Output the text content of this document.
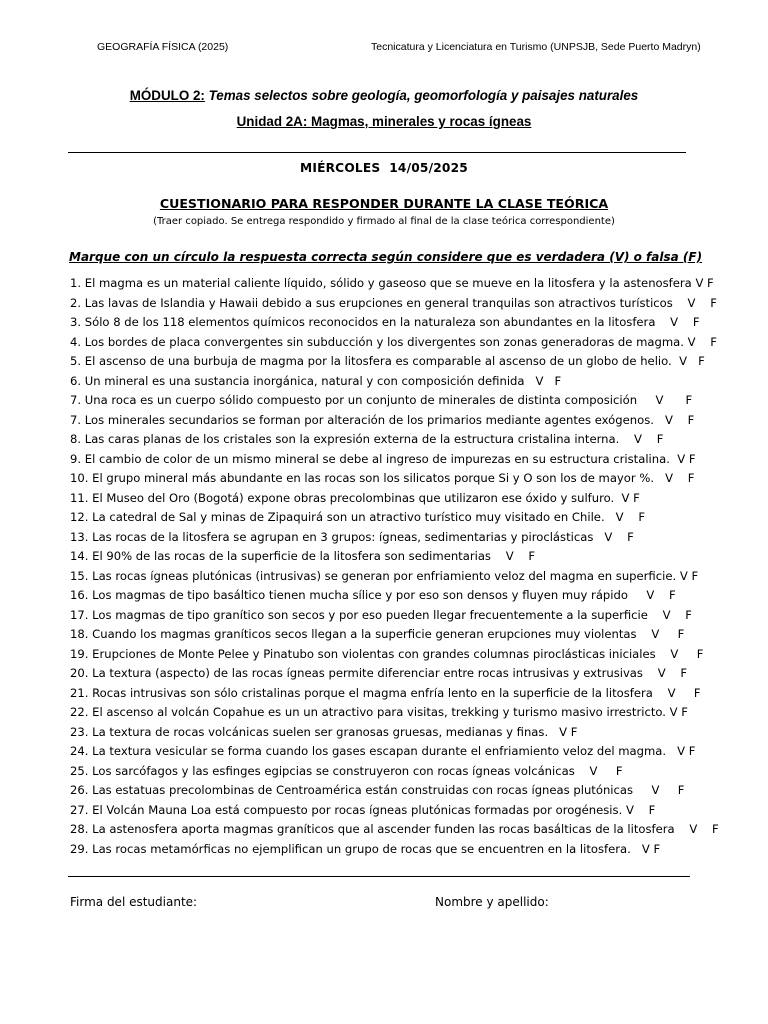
GEOGRAFÍA FÍSICA (2025)	Tecnicatura y Licenciatura en Turismo (UNPSJB, Sede Puerto Madryn)
MÓDULO 2: Temas selectos sobre geología, geomorfología y paisajes naturales
Unidad 2A: Magmas, minerales y rocas ígneas
MIÉRCOLES  14/05/2025
CUESTIONARIO PARA RESPONDER DURANTE LA CLASE TEÓRICA
(Traer copiado. Se entrega respondido y firmado al final de la clase teórica correspondiente)
Marque con un círculo la respuesta correcta según considere que es verdadera (V) o falsa (F)
1. El magma es un material caliente líquido, sólido y gaseoso que se mueve en la litosfera y la astenosfera V F
2. Las lavas de Islandia y Hawaii debido a sus erupciones en general tranquilas son atractivos turísticos    V    F
3. Sólo 8 de los 118 elementos químicos reconocidos en la naturaleza son abundantes en la litosfera    V    F
4. Los bordes de placa convergentes sin subducción y los divergentes son zonas generadoras de magma. V    F
5. El ascenso de una burbuja de magma por la litosfera es comparable al ascenso de un globo de helio.  V   F
6. Un mineral es una sustancia inorgánica, natural y con composición definida   V   F
7. Una roca es un cuerpo sólido compuesto por un conjunto de minerales de distinta composición     V      F
7. Los minerales secundarios se forman por alteración de los primarios mediante agentes exógenos.   V    F
8. Las caras planas de los cristales son la expresión externa de la estructura cristalina interna.    V    F
9. El cambio de color de un mismo mineral se debe al ingreso de impurezas en su estructura cristalina.  V F
10. El grupo mineral más abundante en las rocas son los silicatos porque Si y O son los de mayor %.   V    F
11. El Museo del Oro (Bogotá) expone obras precolombinas que utilizaron ese óxido y sulfuro.  V F
12. La catedral de Sal y minas de Zipaquirá son un atractivo turístico muy visitado en Chile.   V    F
13. Las rocas de la litosfera se agrupan en 3 grupos: ígneas, sedimentarias y piroclásticas   V    F
14. El 90% de las rocas de la superficie de la litosfera son sedimentarias    V    F
15. Las rocas ígneas plutónicas (intrusivas) se generan por enfriamiento veloz del magma en superficie. V F
16. Los magmas de tipo basáltico tienen mucha sílice y por eso son densos y fluyen muy rápido     V    F
17. Los magmas de tipo granítico son secos y por eso pueden llegar frecuentemente a la superficie    V    F
18. Cuando los magmas graníticos secos llegan a la superficie generan erupciones muy violentas    V     F
19. Erupciones de Monte Pelee y Pinatubo son violentas con grandes columnas piroclásticas iniciales    V     F
20. La textura (aspecto) de las rocas ígneas permite diferenciar entre rocas intrusivas y extrusivas    V    F
21. Rocas intrusivas son sólo cristalinas porque el magma enfría lento en la superficie de la litosfera    V     F
22. El ascenso al volcán Copahue es un un atractivo para visitas, trekking y turismo masivo irrestricto. V F
23. La textura de rocas volcánicas suelen ser granosas gruesas, medianas y finas.   V F
24. La textura vesicular se forma cuando los gases escapan durante el enfriamiento veloz del magma.   V F
25. Los sarcófagos y las esfinges egipcias se construyeron con rocas ígneas volcánicas    V     F
26. Las estatuas precolombinas de Centroamérica están construidas con rocas ígneas plutónicas     V     F
27. El Volcán Mauna Loa está compuesto por rocas ígneas plutónicas formadas por orogénesis. V    F
28. La astenosfera aporta magmas graníticos que al ascender funden las rocas basálticas de la litosfera    V    F
29. Las rocas metamórficas no ejemplifican un grupo de rocas que se encuentren en la litosfera.   V F
Firma del estudiante:	Nombre y apellido:
